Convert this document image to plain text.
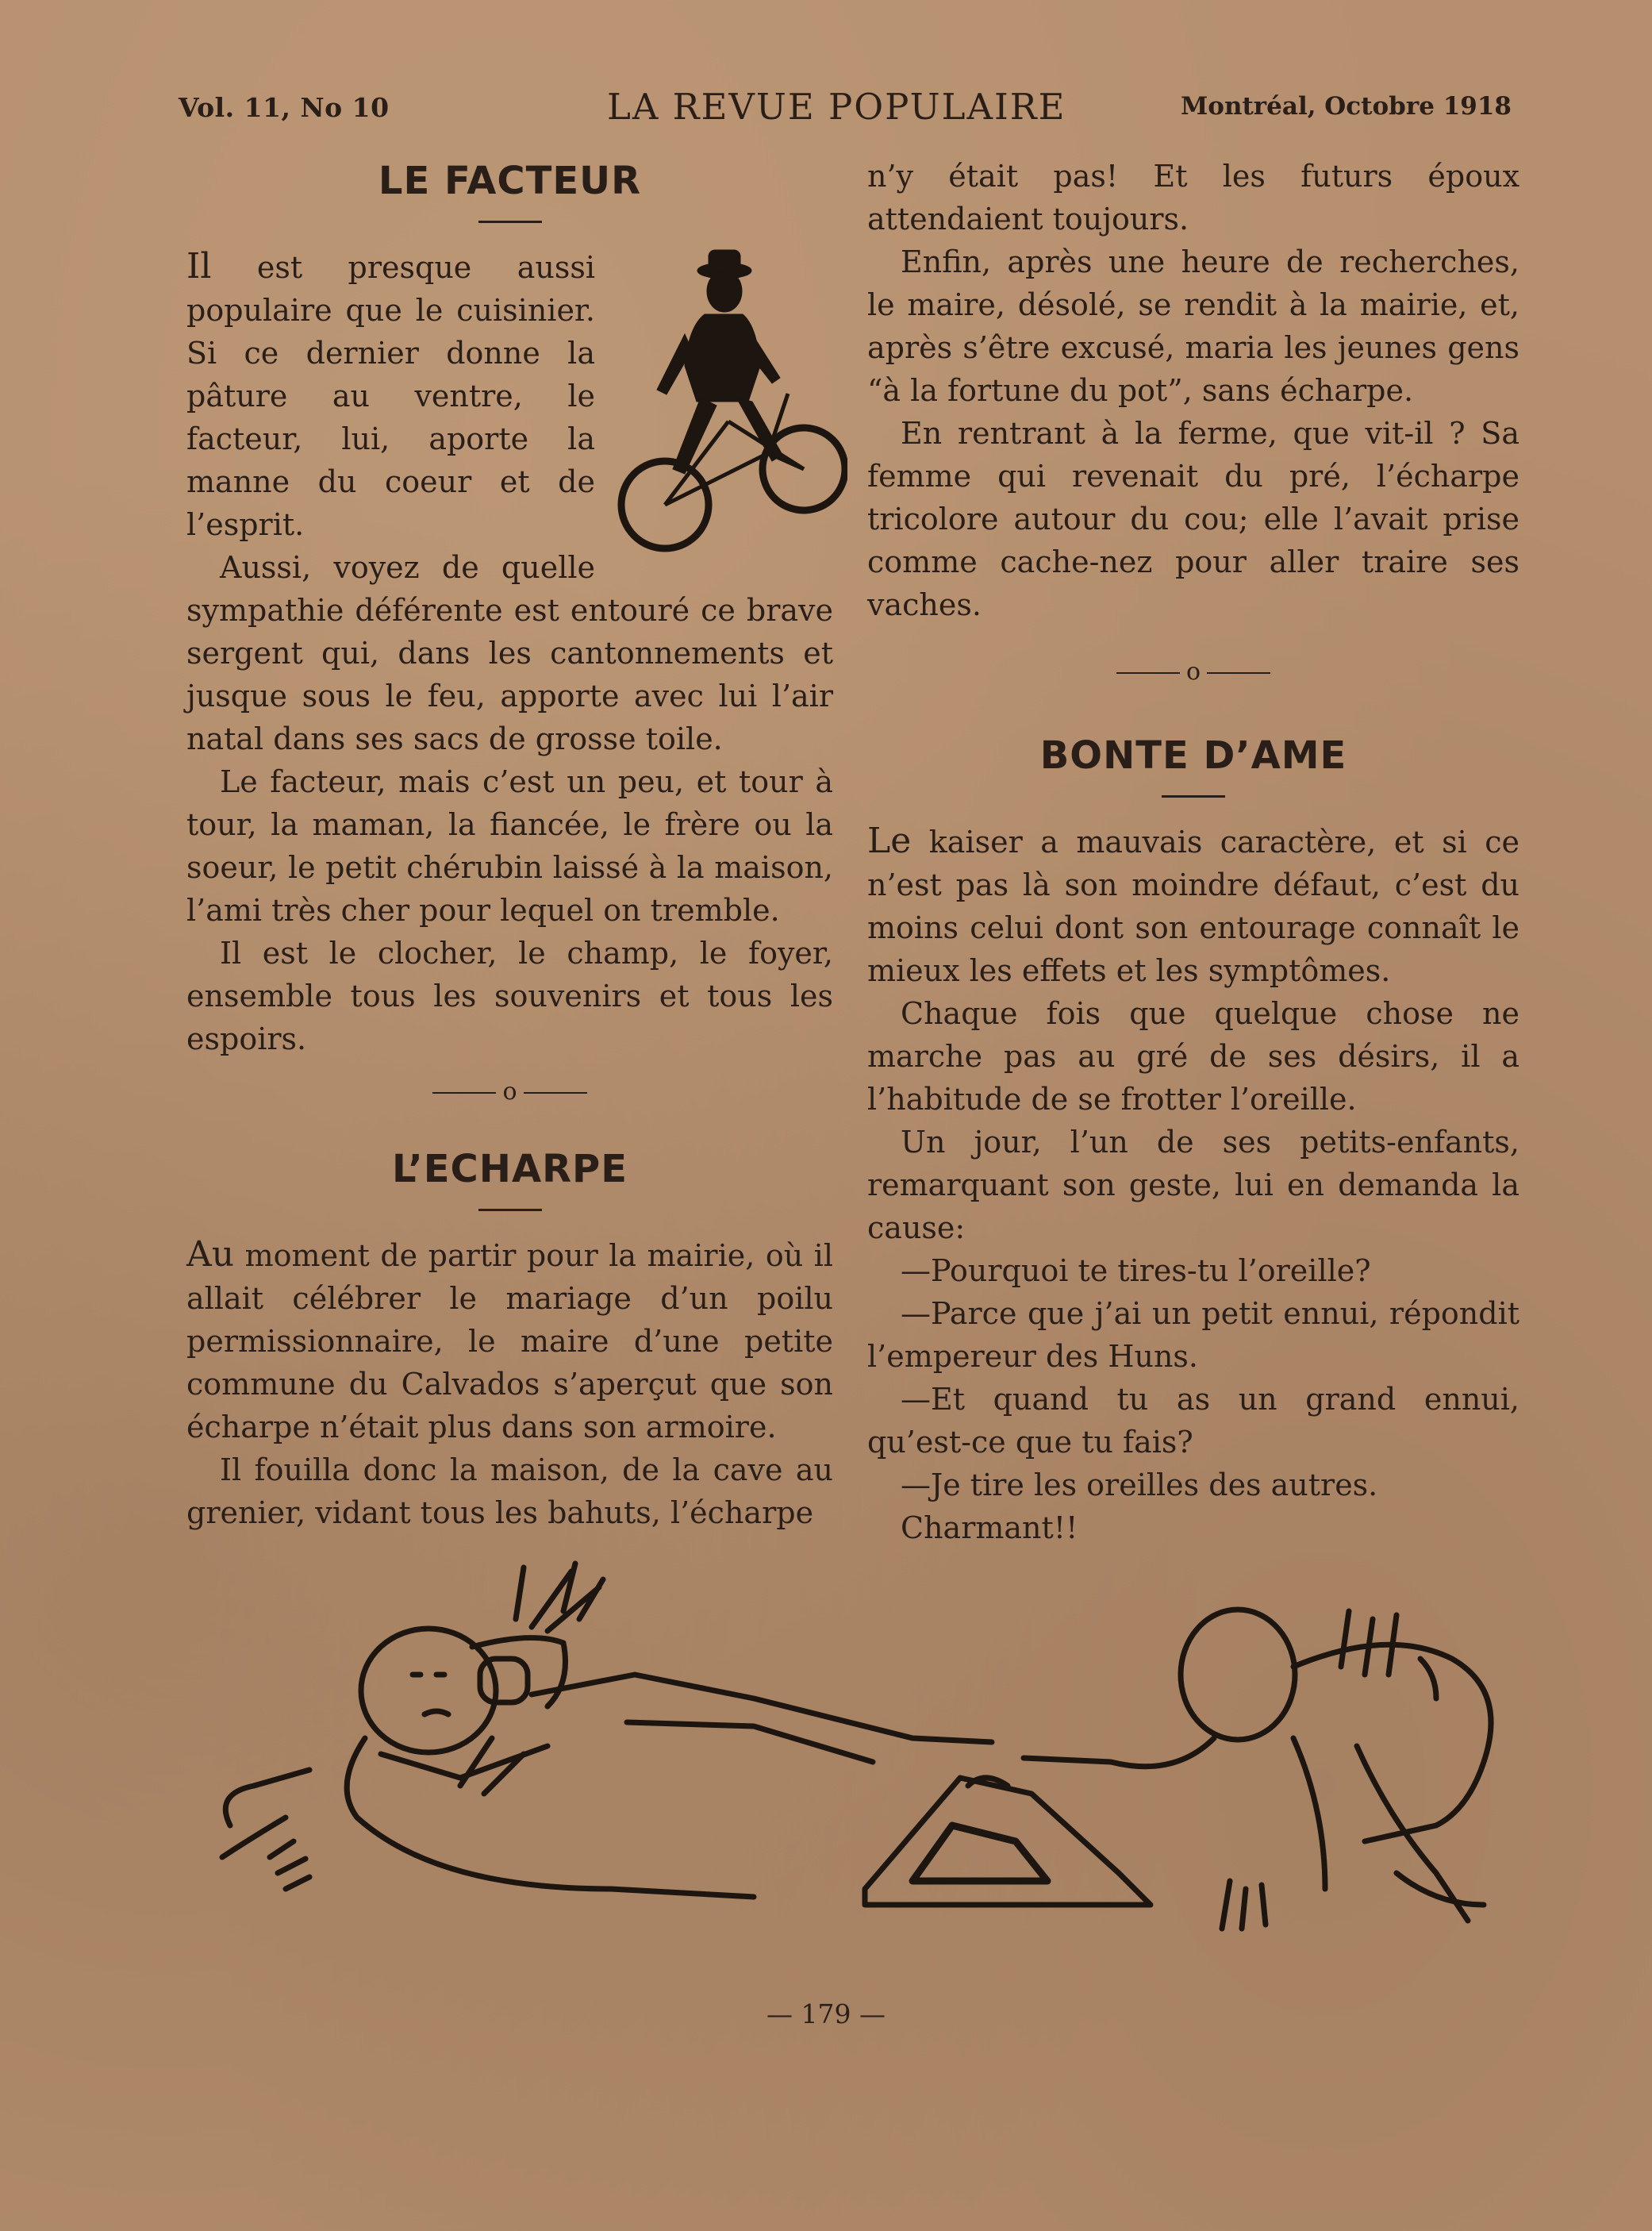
Vol. 11, No 10	LA REVUE POPULAIRE	Montréal, Octobre 1918
LE FACTEUR

Il est presque aussi populaire que le cuisinier. Si ce dernier donne la pâture au ventre, le facteur, lui, aporte la manne du coeur et de l’esprit.

Aussi, voyez de quelle sympathie déférente est entouré ce brave sergent qui, dans les cantonnements et jusque sous le feu, apporte avec lui l’air natal dans ses sacs de grosse toile.

Le facteur, mais c’est un peu, et tour à tour, la maman, la fiancée, le frère ou la soeur, le petit chérubin laissé à la maison, l’ami très cher pour lequel on tremble.

Il est le clocher, le champ, le foyer, ensemble tous les souvenirs et tous les espoirs.

o
L’ECHARPE

Au moment de partir pour la mairie, où il allait célébrer le mariage d’un poilu permissionnaire, le maire d’une petite commune du Calvados s’aperçut que son écharpe n’était plus dans son armoire.

Il fouilla donc la maison, de la cave au grenier, vidant tous les bahuts, l’écharpe

n’y était pas! Et les futurs époux attendaient toujours.

Enfin, après une heure de recherches, le maire, désolé, se rendit à la mairie, et, après s’être excusé, maria les jeunes gens “à la fortune du pot”, sans écharpe.

En rentrant à la ferme, que vit-il ? Sa femme qui revenait du pré, l’écharpe tricolore autour du cou; elle l’avait prise comme cache-nez pour aller traire ses vaches.

o
BONTE D’AME

Le kaiser a mauvais caractère, et si ce n’est pas là son moindre défaut, c’est du moins celui dont son entourage connaît le mieux les effets et les symptômes.

Chaque fois que quelque chose ne marche pas au gré de ses désirs, il a l’habitude de se frotter l’oreille.

Un jour, l’un de ses petits-enfants, remarquant son geste, lui en demanda la cause:

—Pourquoi te tires-tu l’oreille?

—Parce que j’ai un petit ennui, répondit l’empereur des Huns.

—Et quand tu as un grand ennui, qu’est-ce que tu fais?

—Je tire les oreilles des autres.

Charmant!!

— 179 —
